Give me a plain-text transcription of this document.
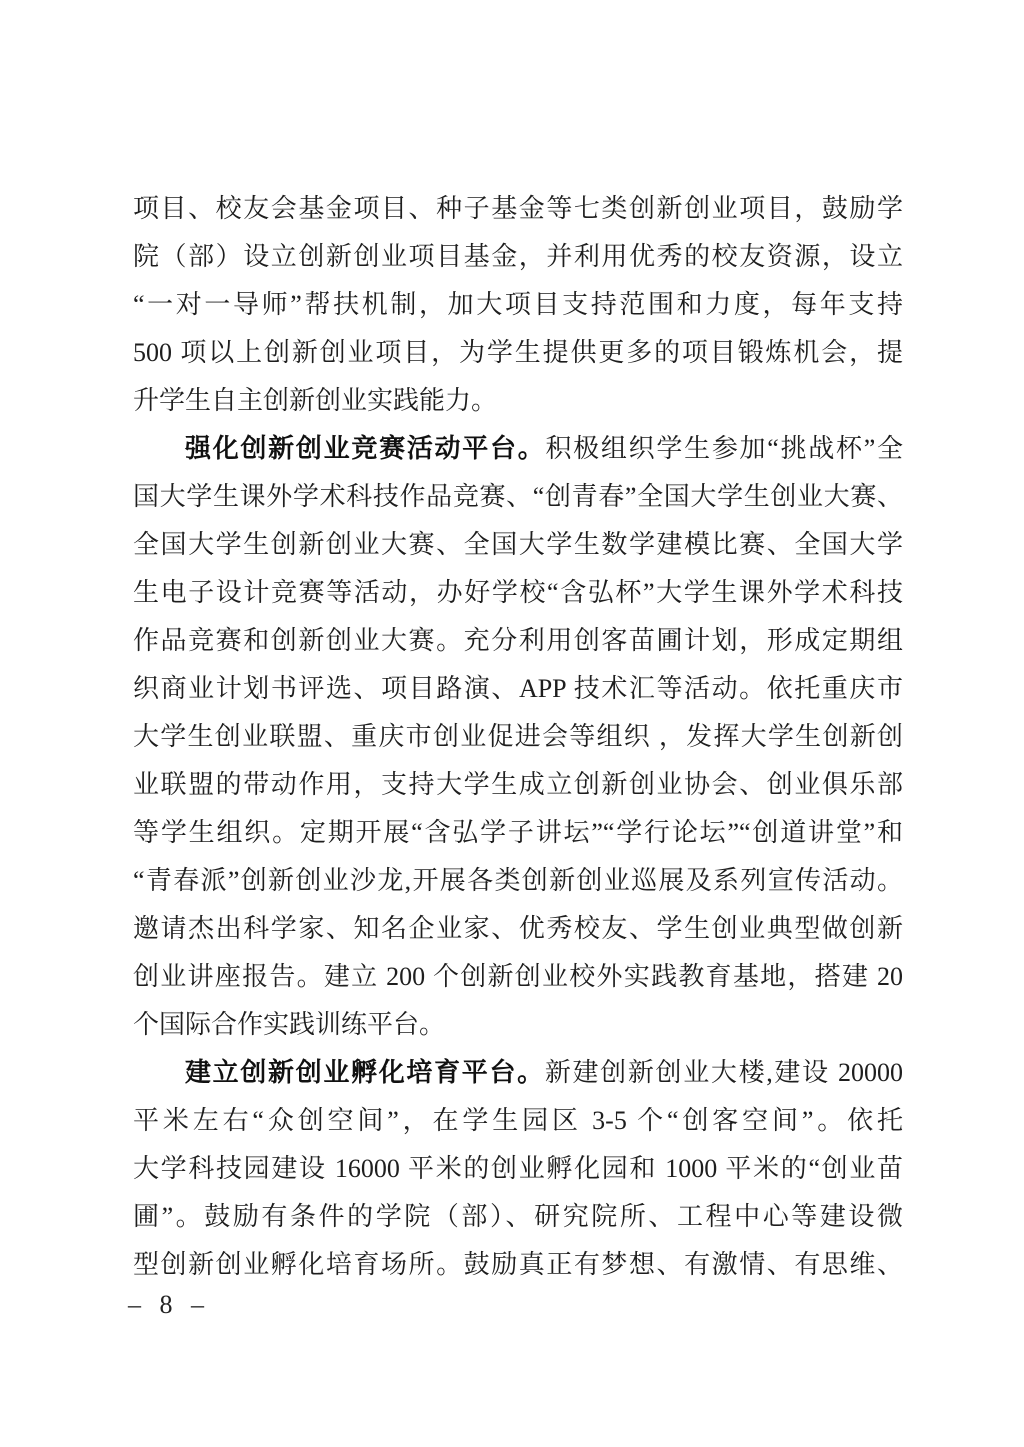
项目、校友会基金项目、种子基金等七类创新创业项目，鼓励学
院（部）设立创新创业项目基金，并利用优秀的校友资源，设立
“一对一导师”帮扶机制，加大项目支持范围和力度，每年支持
500 项以上创新创业项目，为学生提供更多的项目锻炼机会，提
升学生自主创新创业实践能力。
强化创新创业竞赛活动平台。积极组织学生参加“挑战杯”全
国大学生课外学术科技作品竞赛、“创青春”全国大学生创业大赛、
全国大学生创新创业大赛、全国大学生数学建模比赛、全国大学
生电子设计竞赛等活动，办好学校“含弘杯”大学生课外学术科技
作品竞赛和创新创业大赛。充分利用创客苗圃计划，形成定期组
织商业计划书评选、项目路演、APP 技术汇等活动。依托重庆市
大学生创业联盟、重庆市创业促进会等组织 ，发挥大学生创新创
业联盟的带动作用，支持大学生成立创新创业协会、创业俱乐部
等学生组织。定期开展“含弘学子讲坛”“学行论坛”“创道讲堂”和
“青春派”创新创业沙龙,开展各类创新创业巡展及系列宣传活动。
邀请杰出科学家、知名企业家、优秀校友、学生创业典型做创新
创业讲座报告。建立 200 个创新创业校外实践教育基地，搭建 20
个国际合作实践训练平台。
建立创新创业孵化培育平台。新建创新创业大楼,建设 20000
平米左右“众创空间”，在学生园区 3-5 个“创客空间”。依托
大学科技园建设 16000 平米的创业孵化园和 1000 平米的“创业苗
圃”。鼓励有条件的学院（部）、研究院所、工程中心等建设微
型创新创业孵化培育场所。鼓励真正有梦想、有激情、有思维、
– 8 –
